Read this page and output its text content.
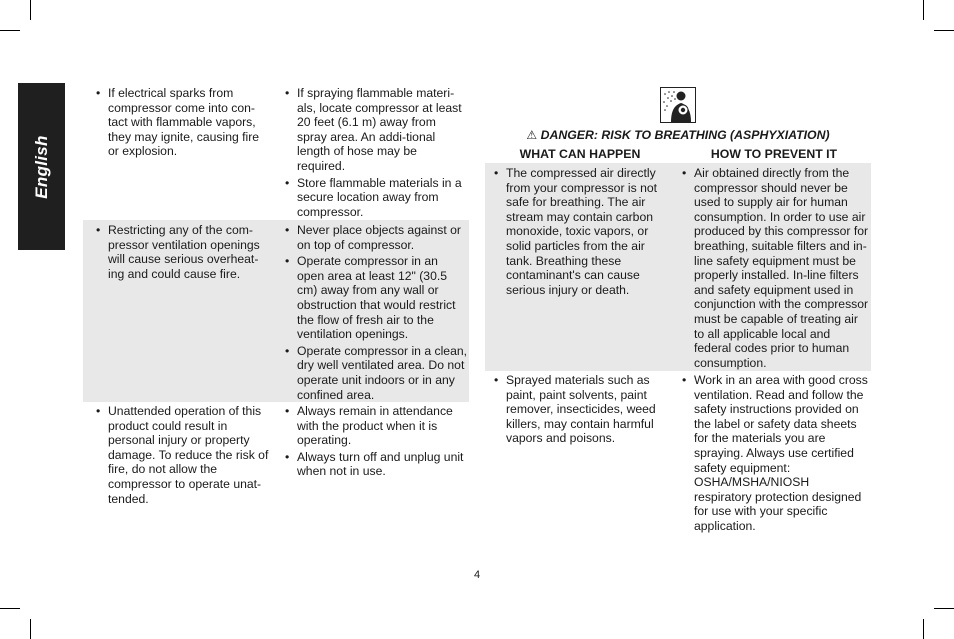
English
• If electrical sparks from compressor come into con-tact with flammable vapors, they may ignite, causing fire or explosion.
• If spraying flammable materi-als, locate compressor at least 20 feet (6.1 m) away from spray area. An addi-tional length of hose may be required.
• Store flammable materials in a secure location away from compressor.
• Restricting any of the com-pressor ventilation openings will cause serious overheat-ing and could cause fire.
• Never place objects against or on top of compressor.
• Operate compressor in an open area at least 12" (30.5 cm) away from any wall or obstruction that would restrict the flow of fresh air to the ventilation openings.
• Operate compressor in a clean, dry well ventilated area. Do not operate unit indoors or in any confined area.
• Unattended operation of this product could result in personal injury or property damage. To reduce the risk of fire, do not allow the compressor to operate unat-tended.
• Always remain in attendance with the product when it is operating.
• Always turn off and unplug unit when not in use.
⚠ DANGER: RISK TO BREATHING (ASPHYXIATION)
WHAT CAN HAPPEN	HOW TO PREVENT IT
• The compressed air directly from your compressor is not safe for breathing. The air stream may contain carbon monoxide, toxic vapors, or solid particles from the air tank. Breathing these contaminant's can cause serious injury or death.
• Air obtained directly from the compressor should never be used to supply air for human consumption. In order to use air produced by this compressor for breathing, suitable filters and in-line safety equipment must be properly installed. In-line filters and safety equipment used in conjunction with the compressor must be capable of treating air to all applicable local and federal codes prior to human consumption.
• Sprayed materials such as paint, paint solvents, paint remover, insecticides, weed killers, may contain harmful vapors and poisons.
• Work in an area with good cross ventilation. Read and follow the safety instructions provided on the label or safety data sheets for the materials you are spraying. Always use certified safety equipment: OSHA/MSHA/NIOSH respiratory protection designed for use with your specific application.
4
